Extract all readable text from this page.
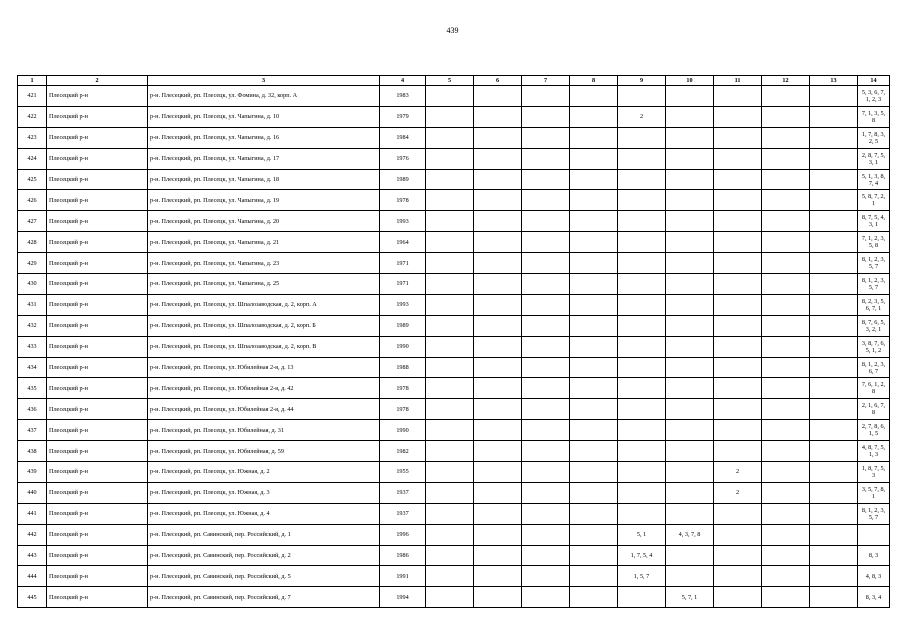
439
1	2	3	4	5	6	7	8	9	10	11	12	13	14
421	Плесецкий р-н	р-н. Плесецкий, рп. Плесецк, ул. Фомина, д. 32, корп. А	1983										5, 3, 6, 7, 1, 2, 3
422	Плесецкий р-н	р-н. Плесецкий, рп. Плесецк, ул. Чапыгина, д. 10	1979					2					7, 1, 3, 5, 8
423	Плесецкий р-н	р-н. Плесецкий, рп. Плесецк, ул. Чапыгина, д. 16	1984										1, 7, 8, 3, 2, 5
424	Плесецкий р-н	р-н. Плесецкий, рп. Плесецк, ул. Чапыгина, д. 17	1976										2, 8, 7, 5, 3, 1
425	Плесецкий р-н	р-н. Плесецкий, рп. Плесецк, ул. Чапыгина, д. 18	1989										5, 1, 3, 8, 7, 4
426	Плесецкий р-н	р-н. Плесецкий, рп. Плесецк, ул. Чапыгина, д. 19	1978										5, 8, 7, 2, 1
427	Плесецкий р-н	р-н. Плесецкий, рп. Плесецк, ул. Чапыгина, д. 20	1993										8, 7, 5, 4, 3, 1
428	Плесецкий р-н	р-н. Плесецкий, рп. Плесецк, ул. Чапыгина, д. 21	1964										7, 1, 2, 3, 5, 8
429	Плесецкий р-н	р-н. Плесецкий, рп. Плесецк, ул. Чапыгина, д. 23	1971										8, 1, 2, 3, 5, 7
430	Плесецкий р-н	р-н. Плесецкий, рп. Плесецк, ул. Чапыгина, д. 25	1971										8, 1, 2, 3, 5, 7
431	Плесецкий р-н	р-н. Плесецкий, рп. Плесецк, ул. Шпалозаводская, д. 2, корп. А	1993										8, 2, 3, 5, 6, 7, 1
432	Плесецкий р-н	р-н. Плесецкий, рп. Плесецк, ул. Шпалозаводская, д. 2, корп. Б	1989										8, 7, 6, 5, 3, 2, 1
433	Плесецкий р-н	р-н. Плесецкий, рп. Плесецк, ул. Шпалозаводская, д. 2, корп. В	1990										3, 8, 7, 6, 5, 1, 2
434	Плесецкий р-н	р-н. Плесецкий, рп. Плесецк, ул. Юбилейная 2-я, д. 13	1988										8, 1, 2, 3, 6, 7
435	Плесецкий р-н	р-н. Плесецкий, рп. Плесецк, ул. Юбилейная 2-я, д. 42	1978										7, 6, 1, 2, 8
436	Плесецкий р-н	р-н. Плесецкий, рп. Плесецк, ул. Юбилейная 2-я, д. 44	1978										2, 1, 6, 7, 8
437	Плесецкий р-н	р-н. Плесецкий, рп. Плесецк, ул. Юбилейная, д. 31	1990										2, 7, 8, 6, 1, 5
438	Плесецкий р-н	р-н. Плесецкий, рп. Плесецк, ул. Юбилейная, д. 59	1982										4, 8, 7, 5, 1, 3
439	Плесецкий р-н	р-н. Плесецкий, рп. Плесецк, ул. Южная, д. 2	1955							2			1, 8, 7, 5, 3
440	Плесецкий р-н	р-н. Плесецкий, рп. Плесецк, ул. Южная, д. 3	1937							2			3, 5, 7, 8, 1
441	Плесецкий р-н	р-н. Плесецкий, рп. Плесецк, ул. Южная, д. 4	1937										8, 1, 2, 3, 5, 7
442	Плесецкий р-н	р-н. Плесецкий, рп. Савинский, пер. Российский, д. 1	1996					5, 1	4, 3, 7, 8				
443	Плесецкий р-н	р-н. Плесецкий, рп. Савинский, пер. Российский, д. 2	1986					1, 7, 5, 4					8, 3
444	Плесецкий р-н	р-н. Плесецкий, рп. Савинский, пер. Российский, д. 5	1991					1, 5, 7					4, 8, 3
445	Плесецкий р-н	р-н. Плесецкий, рп. Савинский, пер. Российский, д. 7	1994						5, 7, 1				8, 3, 4
